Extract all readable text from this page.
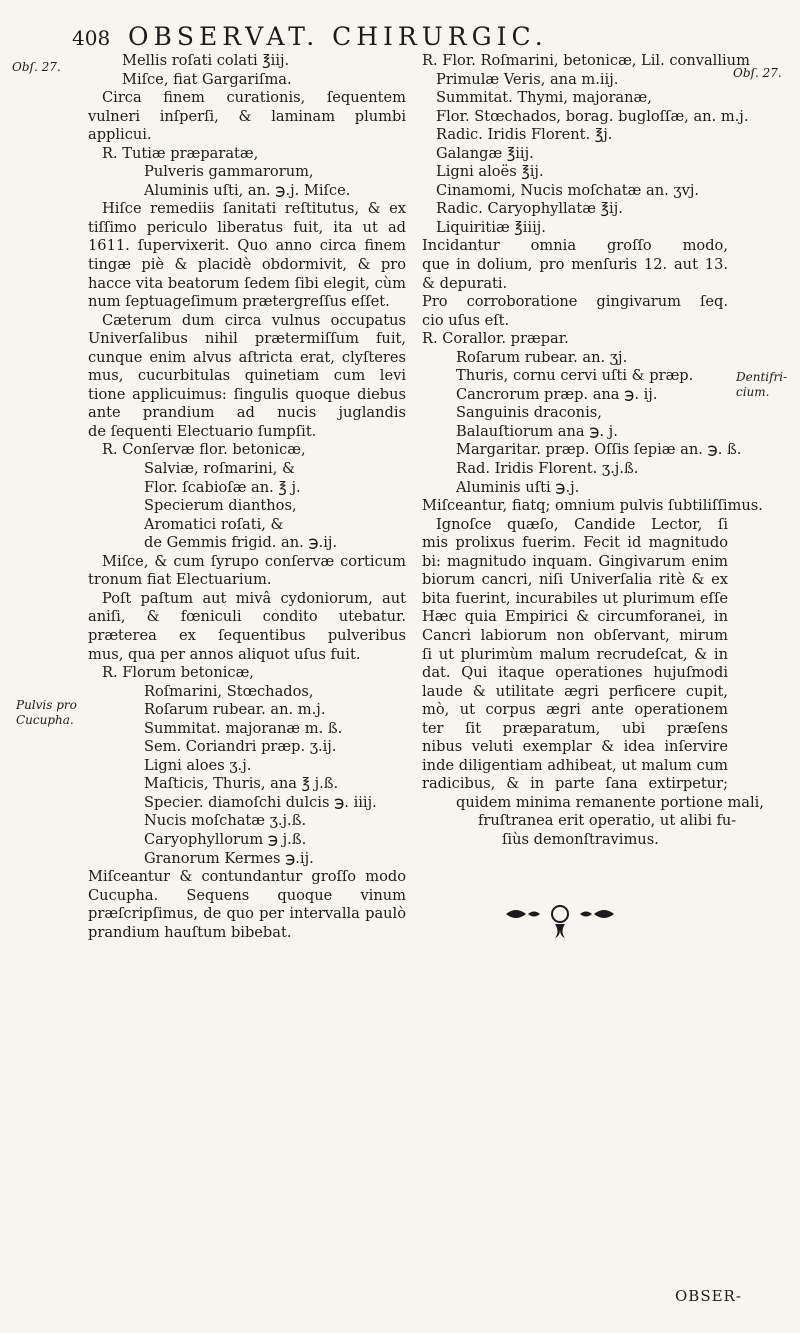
408 OBSERVAT. CHIRURGIC.
Obſ. 27.	Obſ. 27.
Dentifri-
cium.
Pulvis pro
Cucupha.
Mellis roſati colati ℥iij.
Miſce, fiat Gargariſma.
Circa finem curationis, ſequentem
vulneri inſperſi, & laminam plumbi
applicui.
R. Tutiæ præparatæ,
Pulveris gammarorum,
Aluminis uſti, an. ℈.j. Miſce.
Hiſce remediis ſanitati reſtitutus, & ex
tiſſimo periculo liberatus fuit, ita ut ad
1611. ſupervixerit. Quo anno circa finem
tingæ piè & placidè obdormivit, & pro
hacce vita beatorum ſedem ſibi elegit, cùm
num ſeptuageſimum prætergreſſus eſſet.
Cæterum dum circa vulnus occupatus
Univerſalibus nihil prætermiſſum fuit,
cunque enim alvus aſtricta erat, clyſteres
mus, cucurbitulas quinetiam cum levi
tione applicuimus: ſingulis quoque diebus
ante prandium ad nucis juglandis
de ſequenti Electuario ſumpſit.
R. Conſervæ flor. betonicæ,
Salviæ, roſmarini, &
Flor. ſcabioſæ an. ℥ j.
Specierum dianthos,
Aromatici roſati, &
de Gemmis frigid. an. ℈.ij.
Miſce, & cum ſyrupo conſervæ corticum
tronum fiat Electuarium.
Poſt paſtum aut mivâ cydoniorum, aut
aniſi, & fœniculi condito utebatur.
præterea ex ſequentibus pulveribus
mus, qua per annos aliquot uſus fuit.
R. Florum betonicæ,
Roſmarini, Stœchados,
Roſarum rubear. an. m.j.
Summitat. majoranæ m. ß.
Sem. Coriandri præp. ʒ.ij.
Ligni aloes ʒ.j.
Maſticis, Thuris, ana ℥ j.ß.
Specier. diamoſchi dulcis ℈. iiij.
Nucis moſchatæ ʒ.j.ß.
Caryophyllorum ℈ j.ß.
Granorum Kermes ℈.ij.
Miſceantur & contundantur groſſo modo
Cucupha. Sequens quoque vinum
præſcripſimus, de quo per intervalla paulò
prandium hauſtum bibebat.
R. Flor. Roſmarini, betonicæ, Lil. convallium
Primulæ Veris, ana m.iij.
Summitat. Thymi, majoranæ,
Flor. Stœchados, borag. bugloſſæ, an. m.j.
Radic. Iridis Florent. ℥j.
Galangæ ℥iij.
Ligni aloës ℥ij.
Cinamomi, Nucis moſchatæ an. ʒvj.
Radic. Caryophyllatæ ℥ij.
Liquiritiæ ℥iiij.
Incidantur omnia groſſo modo,
que in dolium, pro menſuris 12. aut 13.
& depurati.
Pro corroboratione gingivarum ſeq.
cio uſus eſt.
R. Corallor. præpar.
Roſarum rubear. an. ʒj.
Thuris, cornu cervi uſti & præp.
Cancrorum præp. ana ℈. ij.
Sanguinis draconis,
Balauſtiorum ana ℈. j.
Margaritar. præp. Oſſis ſepiæ an. ℈. ß.
Rad. Iridis Florent. ʒ.j.ß.
Aluminis uſti ℈.j.
Miſceantur, fiatq; omnium pulvis ſubtiliſſimus.
Ignoſce quæſo, Candide Lector, ſi
mis prolixus fuerim. Fecit id magnitudo
bi: magnitudo inquam. Gingivarum enim
biorum cancri, niſi Univerſalia ritè & ex
bita fuerint, incurabiles ut plurimum eſſe
Hæc quia Empirici & circumforanei, in
Cancri labiorum non obſervant, mirum
ſi ut plurimùm malum recrudeſcat, & in
dat. Qui itaque operationes hujuſmodi
laude & utilitate ægri perficere cupit,
mò, ut corpus ægri ante operationem
ter ſit præparatum, ubi præſens
nibus veluti exemplar & idea inſervire
inde diligentiam adhibeat, ut malum cum
radicibus, & in parte ſana extirpetur;
quidem minima remanente portione mali,
fruſtranea erit operatio, ut alibi fu-
ſiùs demonſtravimus.
OBSER-
